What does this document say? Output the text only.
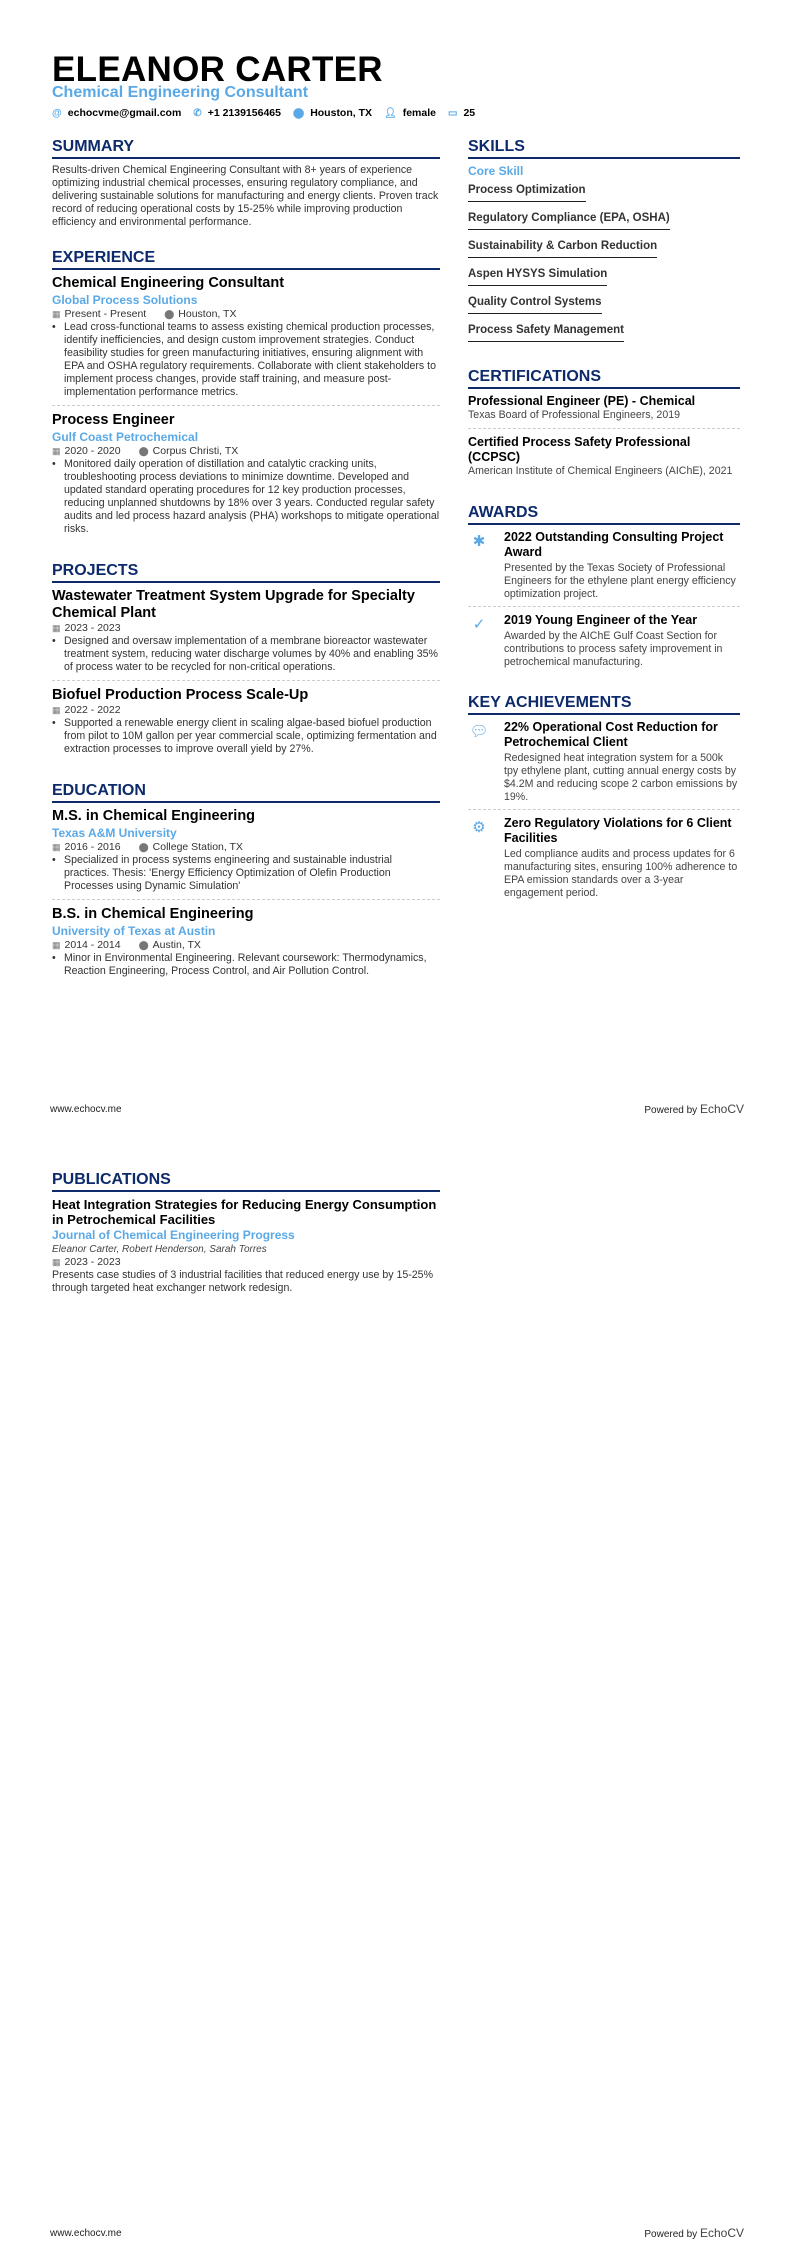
ELEANOR CARTER
Chemical Engineering Consultant
@ echocvme@gmail.com ✆ +1 2139156465 ⬤ Houston, TX 👤︎ female ▭ 25
SUMMARY
Results-driven Chemical Engineering Consultant with 8+ years of experience optimizing industrial chemical processes, ensuring regulatory compliance, and delivering sustainable solutions for manufacturing and energy clients. Proven track record of reducing operational costs by 15-25% while improving production efficiency and environmental performance.
EXPERIENCE
Chemical Engineering Consultant
Global Process Solutions
▦ Present - Present ⬤ Houston, TX
• Lead cross-functional teams to assess existing chemical production processes, identify inefficiencies, and design custom improvement strategies. Conduct feasibility studies for green manufacturing initiatives, ensuring alignment with EPA and OSHA regulatory requirements. Collaborate with client stakeholders to implement process changes, provide staff training, and measure post-implementation performance metrics.
Process Engineer
Gulf Coast Petrochemical
▦ 2020 - 2020 ⬤ Corpus Christi, TX
• Monitored daily operation of distillation and catalytic cracking units, troubleshooting process deviations to minimize downtime. Developed and updated standard operating procedures for 12 key production processes, reducing unplanned shutdowns by 18% over 3 years. Conducted regular safety audits and led process hazard analysis (PHA) workshops to mitigate operational risks.
PROJECTS
Wastewater Treatment System Upgrade for Specialty Chemical Plant
▦ 2023 - 2023
• Designed and oversaw implementation of a membrane bioreactor wastewater treatment system, reducing water discharge volumes by 40% and enabling 35% of process water to be recycled for non-critical operations.
Biofuel Production Process Scale-Up
▦ 2022 - 2022
• Supported a renewable energy client in scaling algae-based biofuel production from pilot to 10M gallon per year commercial scale, optimizing fermentation and extraction processes to improve overall yield by 27%.
EDUCATION
M.S. in Chemical Engineering
Texas A&M University
▦ 2016 - 2016 ⬤ College Station, TX
• Specialized in process systems engineering and sustainable industrial practices. Thesis: 'Energy Efficiency Optimization of Olefin Production Processes using Dynamic Simulation'
B.S. in Chemical Engineering
University of Texas at Austin
▦ 2014 - 2014 ⬤ Austin, TX
• Minor in Environmental Engineering. Relevant coursework: Thermodynamics, Reaction Engineering, Process Control, and Air Pollution Control.
SKILLS
Core Skill
Process Optimization
Regulatory Compliance (EPA, OSHA)
Sustainability & Carbon Reduction
Aspen HYSYS Simulation
Quality Control Systems
Process Safety Management
CERTIFICATIONS
Professional Engineer (PE) - Chemical
Texas Board of Professional Engineers, 2019
Certified Process Safety Professional (CCPSC)
American Institute of Chemical Engineers (AIChE), 2021
AWARDS
✱	2022 Outstanding Consulting Project Award
Presented by the Texas Society of Professional Engineers for the ethylene plant energy efficiency optimization project.
✓	2019 Young Engineer of the Year
Awarded by the AIChE Gulf Coast Section for contributions to process safety improvement in petrochemical manufacturing.
KEY ACHIEVEMENTS
💬︎ 22% Operational Cost Reduction for Petrochemical Client
Redesigned heat integration system for a 500k tpy ethylene plant, cutting annual energy costs by $4.2M and reducing scope 2 carbon emissions by 19%.
⚙	Zero Regulatory Violations for 6 Client Facilities
Led compliance audits and process updates for 6 manufacturing sites, ensuring 100% adherence to EPA emission standards over a 3-year engagement period.
www.echocv.me	Powered by EchoCV
PUBLICATIONS
Heat Integration Strategies for Reducing Energy Consumption in Petrochemical Facilities
Journal of Chemical Engineering Progress
Eleanor Carter, Robert Henderson, Sarah Torres
▦ 2023 - 2023
Presents case studies of 3 industrial facilities that reduced energy use by 15-25% through targeted heat exchanger network redesign.
www.echocv.me	Powered by EchoCV
